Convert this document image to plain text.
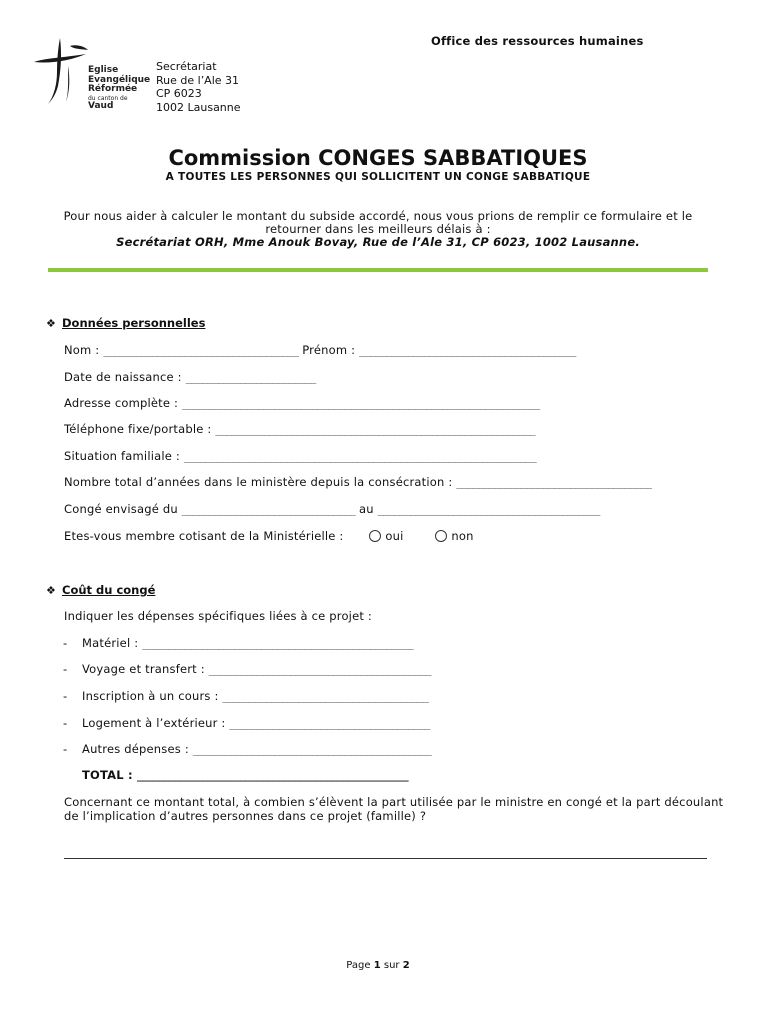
Office des ressources humaines
Eglise
Evangélique
Réformée
du canton de
Vaud
Secrétariat
Rue de l’Ale 31
CP 6023
1002 Lausanne
Commission CONGES SABBATIQUES
A TOUTES LES PERSONNES QUI SOLLICITENT UN CONGE SABBATIQUE
Pour nous aider à calculer le montant du subside accordé, nous vous prions de remplir ce formulaire et le
retourner dans les meilleurs délais à :
Secrétariat ORH, Mme Anouk Bovay, Rue de l’Ale 31, CP 6023, 1002 Lausanne.
❖ Données personnelles
Nom : ____________________________________ Prénom : ________________________________________
Date de naissance : ________________________
Adresse complète : __________________________________________________________________
Téléphone fixe/portable : ___________________________________________________________
Situation familiale : _________________________________________________________________
Nombre total d’années dans le ministère depuis la consécration : ____________________________________
Congé envisagé du ________________________________ au _________________________________________
Etes-vous membre cotisant de la Ministérielle :	oui	non
❖ Coût du congé
Indiquer les dépenses spécifiques liées à ce projet :
- Matériel : __________________________________________________
- Voyage et transfert : _________________________________________
- Inscription à un cours : ______________________________________
- Logement à l’extérieur : _____________________________________
- Autres dépenses : ____________________________________________
TOTAL : __________________________________________________
Concernant ce montant total, à combien s’élèvent la part utilisée par le ministre en congé et la part découlant
de l’implication d’autres personnes dans ce projet (famille) ?
Page 1 sur 2
